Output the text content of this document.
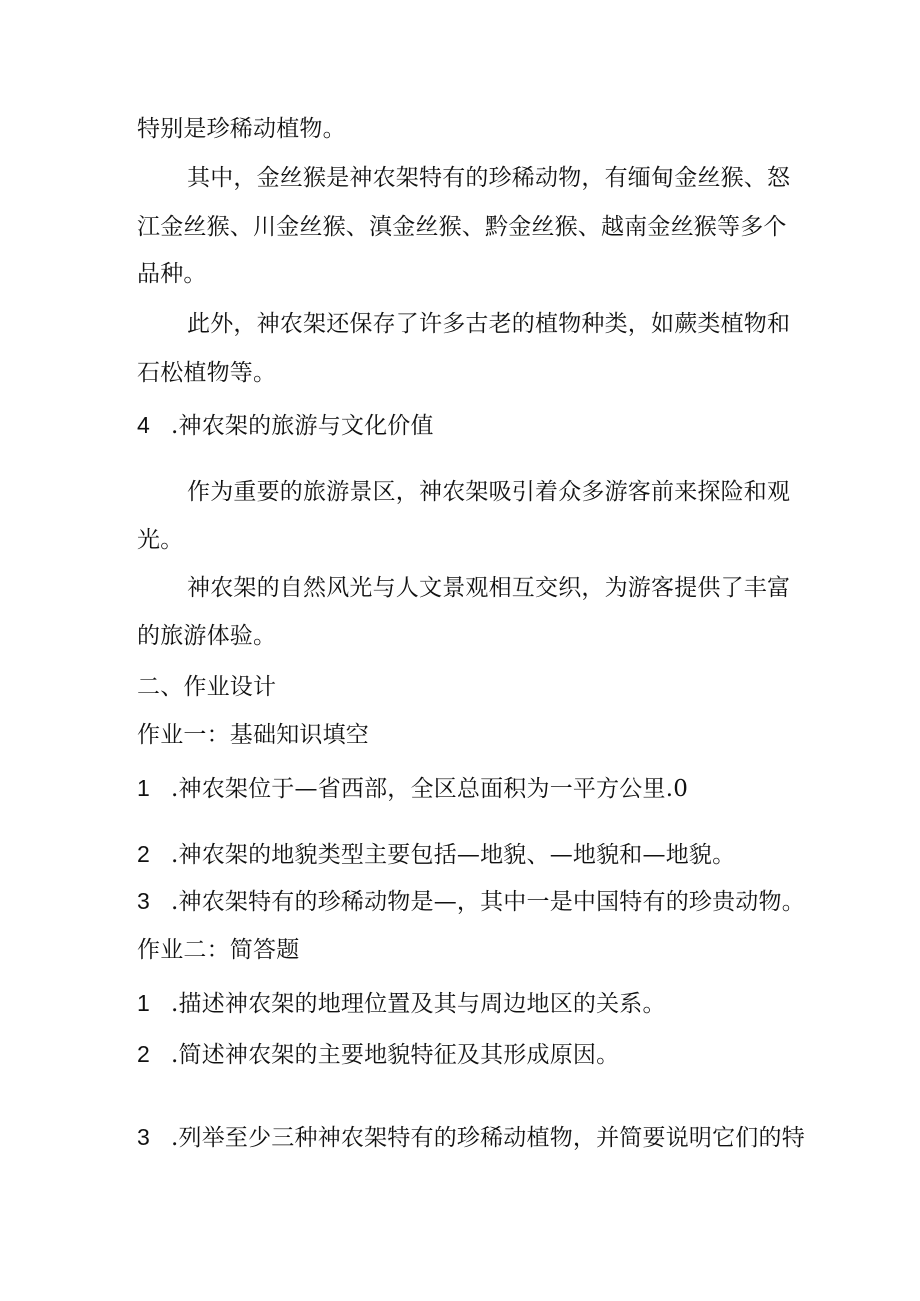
特别是珍稀动植物。
其中，金丝猴是神农架特有的珍稀动物，有缅甸金丝猴、怒
江金丝猴、川金丝猴、滇金丝猴、黔金丝猴、越南金丝猴等多个
品种。
此外，神农架还保存了许多古老的植物种类，如蕨类植物和
石松植物等。
4 .神农架的旅游与文化价值
作为重要的旅游景区，神农架吸引着众多游客前来探险和观
光。
神农架的自然风光与人文景观相互交织，为游客提供了丰富
的旅游体验。
二、作业设计
作业一：基础知识填空
1 .神农架位于—省西部，全区总面积为一平方公里.0
2 .神农架的地貌类型主要包括—地貌、—地貌和—地貌。
3 .神农架特有的珍稀动物是—，其中一是中国特有的珍贵动物。
作业二：简答题
1 .描述神农架的地理位置及其与周边地区的关系。
2 .简述神农架的主要地貌特征及其形成原因。
3 .列举至少三种神农架特有的珍稀动植物，并简要说明它们的特
